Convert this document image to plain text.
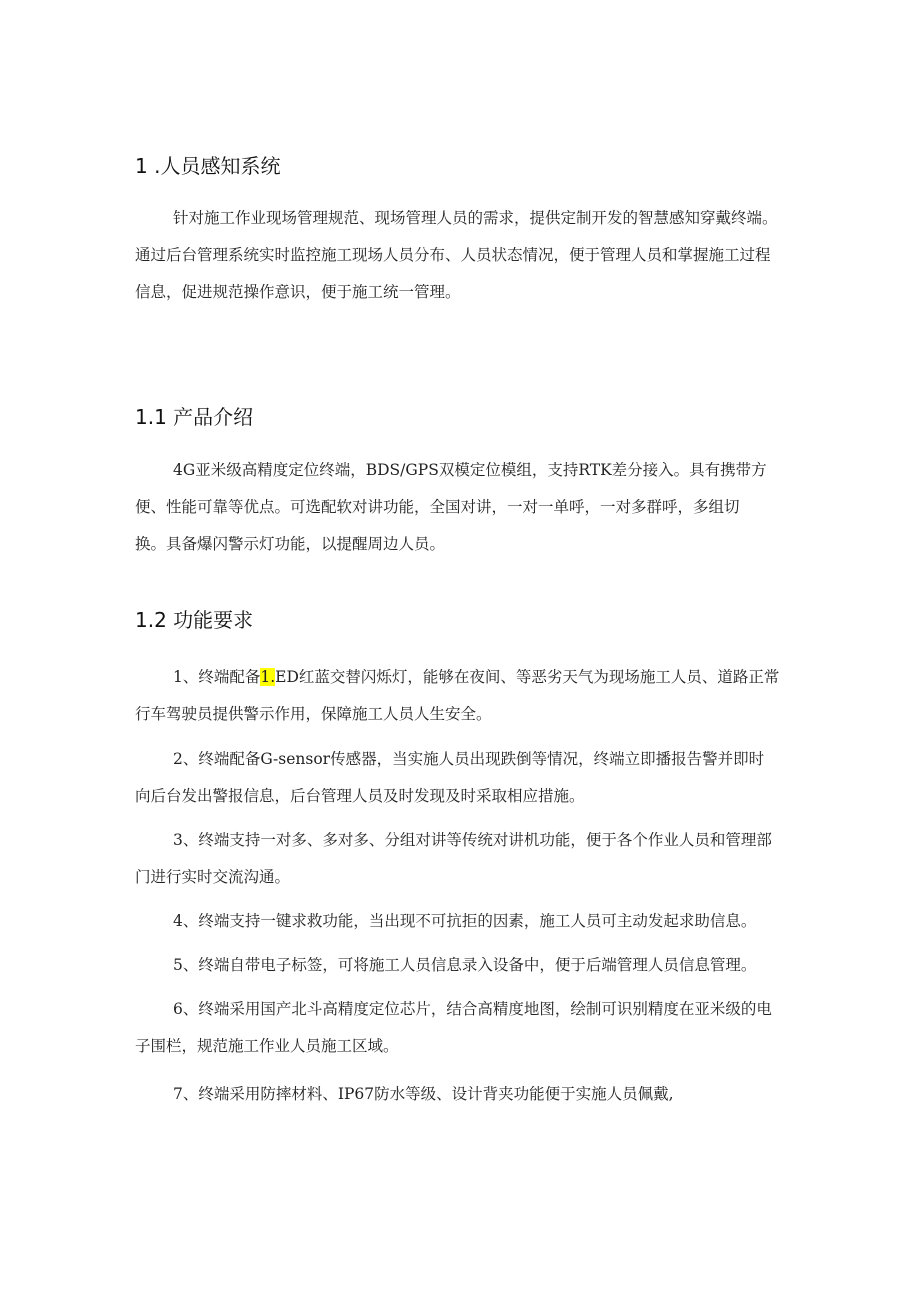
1 .人员感知系统
针对施工作业现场管理规范、现场管理人员的需求，提供定制开发的智慧感知穿戴终端。
通过后台管理系统实时监控施工现场人员分布、人员状态情况，便于管理人员和掌握施工过程
信息，促进规范操作意识，便于施工统一管理。
1.1 产品介绍
4G亚米级高精度定位终端，BDS/GPS双模定位模组，支持RTK差分接入。具有携带方
便、性能可靠等优点。可选配软对讲功能，全国对讲，一对一单呼，一对多群呼，多组切
换。具备爆闪警示灯功能，以提醒周边人员。
1.2 功能要求
1、终端配备1.ED红蓝交替闪烁灯，能够在夜间、等恶劣天气为现场施工人员、道路正常
行车驾驶员提供警示作用，保障施工人员人生安全。
2、终端配备G-sensor传感器，当实施人员出现跌倒等情况，终端立即播报告警并即时
向后台发出警报信息，后台管理人员及时发现及时采取相应措施。
3、终端支持一对多、多对多、分组对讲等传统对讲机功能，便于各个作业人员和管理部
门进行实时交流沟通。
4、终端支持一键求救功能，当出现不可抗拒的因素，施工人员可主动发起求助信息。
5、终端自带电子标签，可将施工人员信息录入设备中，便于后端管理人员信息管理。
6、终端采用国产北斗高精度定位芯片，结合高精度地图，绘制可识别精度在亚米级的电
子围栏，规范施工作业人员施工区域。
7、终端采用防摔材料、IP67防水等级、设计背夹功能便于实施人员佩戴,
